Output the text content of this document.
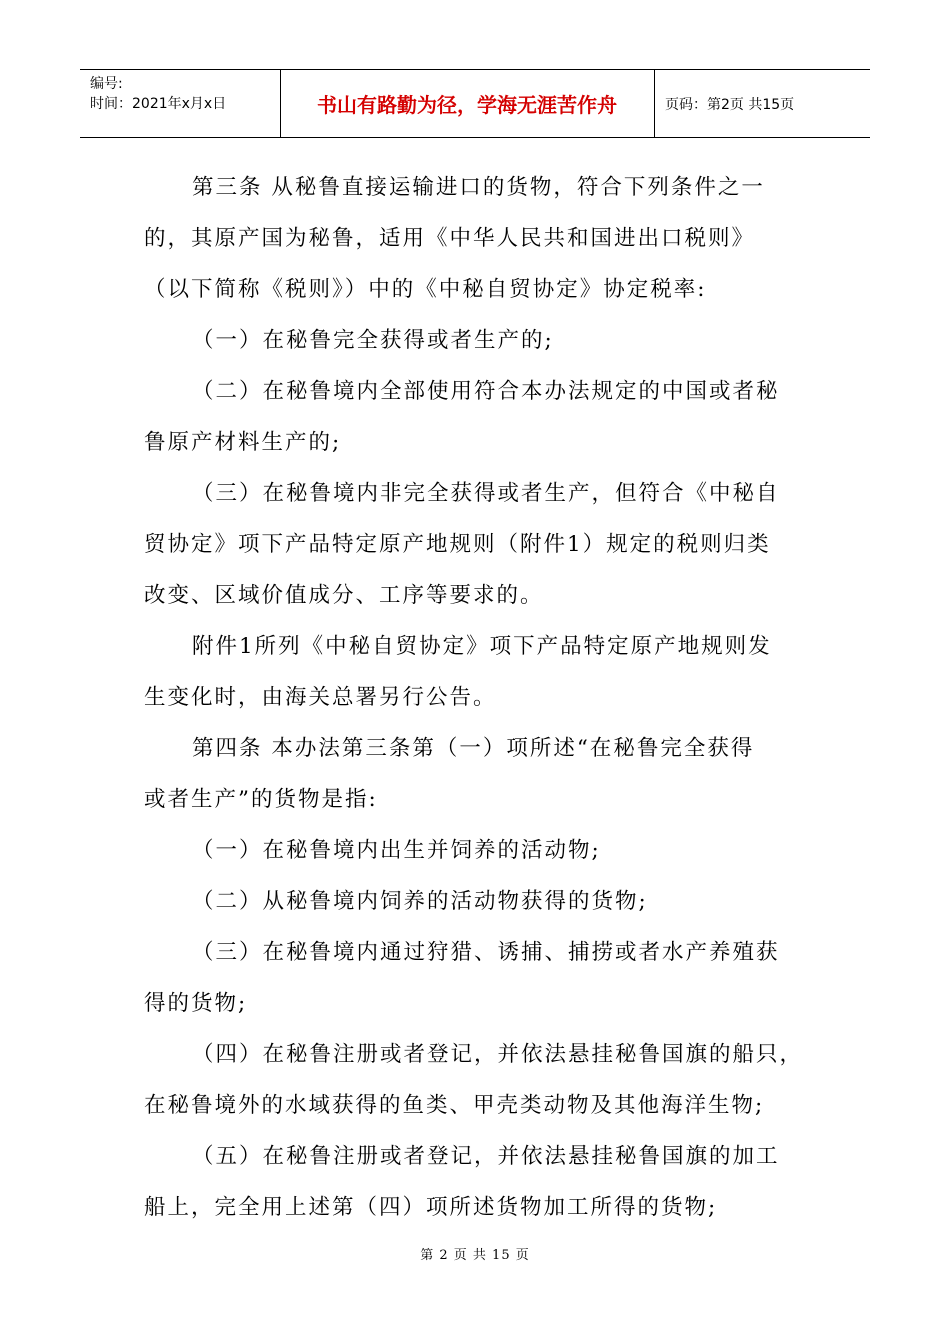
编号:
时间：2021年x月x日	书山有路勤为径，学海无涯苦作舟	页码：第2页 共15页

第三条 从秘鲁直接运输进口的货物，符合下列条件之一

的，其原产国为秘鲁，适用《中华人民共和国进出口税则》

（以下简称《税则》）中的《中秘自贸协定》协定税率:

（一）在秘鲁完全获得或者生产的;

（二）在秘鲁境内全部使用符合本办法规定的中国或者秘

鲁原产材料生产的;

（三）在秘鲁境内非完全获得或者生产，但符合《中秘自

贸协定》项下产品特定原产地规则（附件1）规定的税则归类

改变、区域价值成分、工序等要求的。

附件1所列《中秘自贸协定》项下产品特定原产地规则发

生变化时，由海关总署另行公告。

第四条 本办法第三条第（一）项所述“在秘鲁完全获得

或者生产”的货物是指:

（一）在秘鲁境内出生并饲养的活动物;

（二）从秘鲁境内饲养的活动物获得的货物;

（三）在秘鲁境内通过狩猎、诱捕、捕捞或者水产养殖获

得的货物;

（四）在秘鲁注册或者登记，并依法悬挂秘鲁国旗的船只，

在秘鲁境外的水域获得的鱼类、甲壳类动物及其他海洋生物;

（五）在秘鲁注册或者登记，并依法悬挂秘鲁国旗的加工

船上，完全用上述第（四）项所述货物加工所得的货物;

第 2 页 共 15 页
